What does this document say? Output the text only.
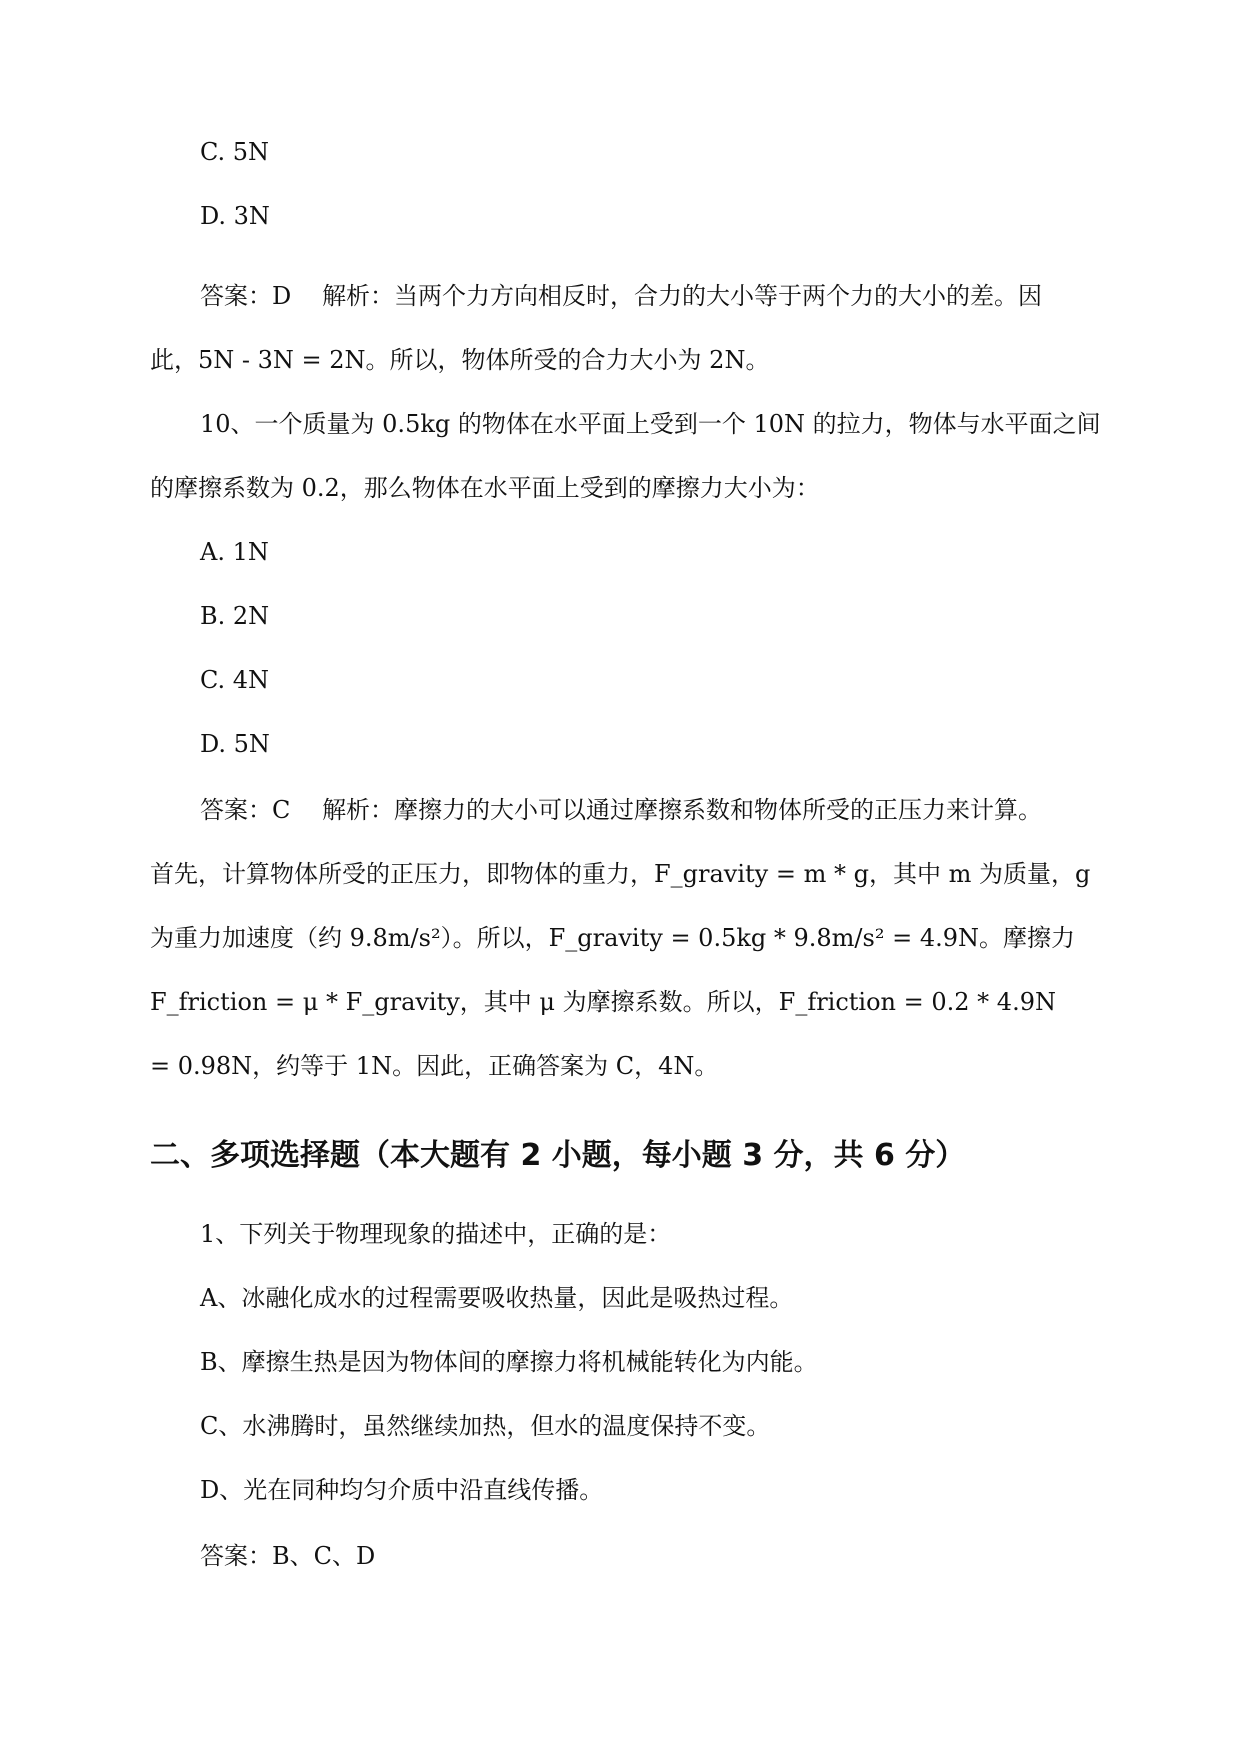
C. 5N
D. 3N
答案：D	解析：当两个力方向相反时，合力的大小等于两个力的大小的差。因
此，5N - 3N = 2N。所以，物体所受的合力大小为 2N。
10、一个质量为 0.5kg 的物体在水平面上受到一个 10N 的拉力，物体与水平面之间
的摩擦系数为 0.2，那么物体在水平面上受到的摩擦力大小为：
A. 1N
B. 2N
C. 4N
D. 5N
答案：C	解析：摩擦力的大小可以通过摩擦系数和物体所受的正压力来计算。
首先，计算物体所受的正压力，即物体的重力，F_gravity = m * g，其中 m 为质量，g
为重力加速度（约 9.8m/s²）。所以，F_gravity = 0.5kg * 9.8m/s² = 4.9N。摩擦力
F_friction = μ * F_gravity，其中 μ 为摩擦系数。所以，F_friction = 0.2 * 4.9N
= 0.98N，约等于 1N。因此，正确答案为 C，4N。
二、多项选择题（本大题有 2 小题，每小题 3 分，共 6 分）
1、下列关于物理现象的描述中，正确的是：
A、冰融化成水的过程需要吸收热量，因此是吸热过程。
B、摩擦生热是因为物体间的摩擦力将机械能转化为内能。
C、水沸腾时，虽然继续加热，但水的温度保持不变。
D、光在同种均匀介质中沿直线传播。
答案：B、C、D
